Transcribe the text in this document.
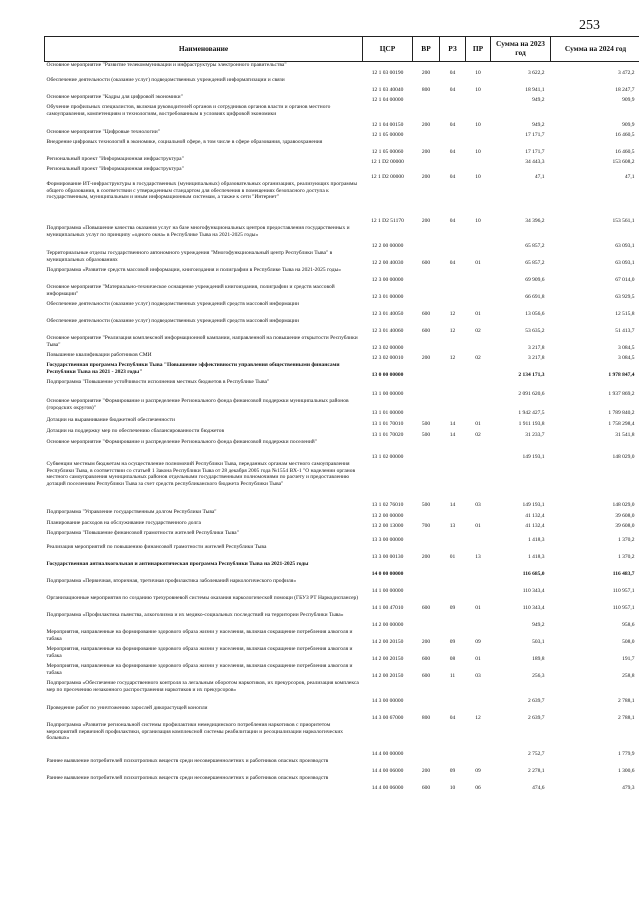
253
Наименование	ЦСР	ВР	РЗ	ПР	Сумма на 2023 год	Сумма на 2024 год
Основное мероприятие "Развитие телекоммуникации и инфраструктуры электронного правительства"	12 1 03 00190	200	04	10	3 622,2	3 472,2
Обеспечение деятельности (оказание услуг) подведомственных учреждений информатизации и связи	12 1 03 40040	800	04	10	18 941,1	18 247,7
Основное мероприятие "Кадры для цифровой экономики"	12 1 04 00000				949,2	909,9
Обучение профильных специалистов, включая руководителей органов и сотрудников органов власти и органов местного самоуправления, компетенциям и технологиям, востребованным в условиях цифровой экономики	12 1 04 00150	200	04	10	949,2	909,9
Основное мероприятие "Цифровые технологии"	12 1 05 00000				17 171,7	16 460,5
Внедрение цифровых технологий в экономике, социальной сфере, в том числе в сфере образования, здравоохранения	12 1 05 00060	200	04	10	17 171,7	16 460,5
Региональный проект "Информационная инфраструктура"	12 1 D2 00000				34 443,3	153 608,2
Региональный проект "Информационная инфраструктура"	12 1 D2 00000	200	04	10	47,1	47,1
Формирование ИТ-инфраструктуры в государственных (муниципальных) образовательных организациях, реализующих программы общего образования, в соответствии с утвержденным стандартом для обеспечения в помещениях безопасного доступа к государственным, муниципальным и иным информационным системам, а также к сети "Интернет"	12 1 D2 51170	200	04	10	34 396,2	153 561,1
Подпрограмма «Повышение качества оказания услуг на базе многофункциональных центров предоставления государственных и муниципальных услуг по принципу «одного окна» в Республике Тыва на 2021-2025 годы»	12 2 00 00000				65 857,2	63 093,1
Территориальные отделы государственного автономного учреждения "Многофункциональный центр Республики Тыва" в муниципальных образованиях	12 2 00 40030	600	04	01	65 857,2	63 093,1
Подпрограмма «Развитие средств массовой информации, книгоиздания и полиграфии в Республике Тыва на 2021-2025 годы»	12 3 00 00000				69 909,6	67 014,0
Основное мероприятие "Материально-техническое оснащение учреждений книгоиздания, полиграфии и средств массовой информации"	12 3 01 00000				66 691,8	63 929,5
Обеспечение деятельности (оказание услуг) подведомственных учреждений средств массовой информации	12 3 01 40050	600	12	01	13 056,6	12 515,8
Обеспечение деятельности (оказание услуг) подведомственных учреждений средств массовой информации	12 3 01 40060	600	12	02	53 635,2	51 413,7
Основное мероприятие "Реализация комплексной информационной кампании, направленной на повышение открытости Республики Тыва"	12 3 02 00000				3 217,8	3 084,5
Повышение квалификации работников СМИ	12 3 02 00010	200	12	02	3 217,8	3 084,5
Государственная программа Республики Тыва "Повышение эффективности управления общественными финансами Республики Тыва на 2021 - 2023 годы"	13 0 00 00000				2 134 171,3	1 978 847,4
Подпрограмма "Повышение устойчивости исполнения местных бюджетов в Республике Тыва"	13 1 00 00000				2 091 620,6	1 937 869,2
Основное мероприятие "Формирование и распределение Регионального фонда финансовой поддержки муниципальных районов (городских округов)"	13 1 01 00000				1 942 427,5	1 789 840,2
Дотации на выравнивание бюджетной обеспеченности	13 1 01 70010	500	14	01	1 911 193,8	1 758 298,4
Дотации на поддержку мер по обеспечению сбалансированности бюджетов	13 1 01 70020	500	14	02	31 233,7	31 541,8
Основное мероприятие "Формирование и распределение Регионального фонда финансовой поддержки поселений"	13 1 02 00000				149 193,1	148 029,0
Субвенции местным бюджетам на осуществление полномочий Республики Тыва, переданных органам местного самоуправления Республики Тыва, в соответствии со статьей 1 Закона Республики Тыва от 28 декабря 2005 года №1554 ВХ-1 "О наделении органов местного самоуправления муниципальных районов отдельными государственными полномочиями по расчету и предоставлению дотаций поселениям Республики Тыва за счет средств республиканского бюджета Республики Тыва"	13 1 02 76010	500	14	03	149 193,1	148 029,0
Подпрограмма "Управление государственным долгом Республики Тыва"	13 2 00 00000				41 132,4	39 608,0
Планирование расходов на обслуживание государственного долга	13 2 00 13000	700	13	01	41 132,4	39 608,0
Подпрограмма "Повышение финансовой грамотности жителей Республики Тыва"	13 3 00 00000				1 418,3	1 370,2
Реализация мероприятий по повышению финансовой грамотности жителей Республики Тыва	13 3 00 00130	200	01	13	1 418,3	1 370,2
Государственная антиалкогольная и антинаркотическая программа Республики Тыва на 2021-2025 годы	14 0 00 00000				116 685,0	116 483,7
Подпрограмма «Первичная, вторичная, третичная профилактика заболеваний наркологического профиля»	14 1 00 00000				110 343,4	110 957,1
Организационные мероприятия по созданию трехуровневой системы оказания наркологической помощи (ГБУЗ РТ Наркодиспансер)	14 1 00 47010	600	09	01	110 343,4	110 957,1
Подпрограмма «Профилактика пьянства, алкоголизма и их медико-социальных последствий на территории Республики Тыва»	14 2 00 00000				949,2	958,6
Мероприятия, направленные на формирование здорового образа жизни у населения, включая сокращение потребления алкоголя и табака	14 2 00 20150	200	09	09	503,1	508,0
Мероприятия, направленные на формирование здорового образа жизни у населения, включая сокращение потребления алкоголя и табака	14 2 00 20150	600	08	01	189,8	191,7
Мероприятия, направленные на формирование здорового образа жизни у населения, включая сокращение потребления алкоголя и табака	14 2 00 20150	600	11	03	256,3	258,8
Подпрограмма «Обеспечение государственного контроля за легальным оборотом наркотиков, их прекурсоров, реализация комплекса мер по пресечению незаконного распространения наркотиков и их прекурсоров»	14 3 00 00000				2 639,7	2 788,1
Проведение работ по уничтожению зарослей дикорастущей конопли	14 3 00 67000	800	04	12	2 639,7	2 788,1
Подпрограмма «Развитие региональной системы профилактики немедицинского потребления наркотиков с приоритетом мероприятий первичной профилактики, организация комплексной системы реабилитации и ресоциализации наркологических больных»	14 4 00 00000				2 752,7	1 779,9
Раннее выявление потребителей психотропных веществ среди несовершеннолетних и работников опасных производств	14 4 00 06000	200	09	09	2 278,1	1 300,6
Раннее выявление потребителей психотропных веществ среди несовершеннолетних и работников опасных производств	14 4 00 06000	600	10	06	474,6	479,3
